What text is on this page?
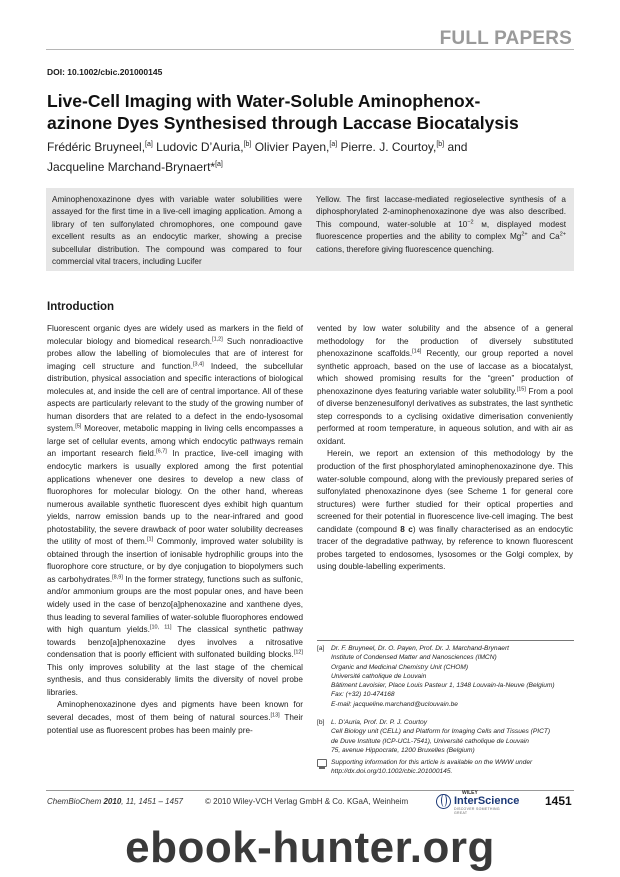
FULL PAPERS
DOI: 10.1002/cbic.201000145
Live-Cell Imaging with Water-Soluble Aminophenox-
azinone Dyes Synthesised through Laccase Biocatalysis
Frédéric Bruyneel,[a] Ludovic D’Auria,[b] Olivier Payen,[a] Pierre. J. Courtoy,[b] and
Jacqueline Marchand-Brynaert*[a]
Aminophenoxazinone dyes with variable water solubilities were assayed for the first time in a live-cell imaging application. Among a library of ten sulfonylated chromophores, one compound gave excellent results as an endocytic marker, showing a precise subcellular distribution. The compound was compared to four commercial vital tracers, including Lucifer
Yellow. The first laccase-mediated regioselective synthesis of a diphosphorylated 2-aminophenoxazinone dye was also described. This compound, water-soluble at $10^{-2}$ м, displayed modest fluorescence properties and the ability to complex $Mg^{2+}$ and $Ca^{2+}$ cations, therefore giving fluorescence quenching.
Introduction

Fluorescent organic dyes are widely used as markers in the field of molecular biology and biomedical research.[1,2] Such nonradioactive probes allow the labelling of biomolecules that are of interest for imaging cell structure and function.[3,4] Indeed, the subcellular distribution, physical association and specific interactions of biological molecules at, and inside the cell are of central importance. All of these aspects are particularly relevant to the study of the growing number of human disorders that are related to a defect in the endo-lysosomal system.[5] Moreover, metabolic mapping in living cells encompasses a large set of cellular events, among which endocytic pathways remain an important research field.[6,7] In practice, live-cell imaging with endocytic markers is usually explored among the first potential applications whenever one desires to develop a new class of fluorophores for molecular biology. On the other hand, whereas numerous available synthetic fluorescent dyes exhibit high quantum yields, narrow emission bands up to the near-infrared and good photostability, the severe drawback of poor water solubility decreases the utility of most of them.[1] Commonly, improved water solubility is obtained through the insertion of ionisable hydrophilic groups into the fluorophore core structure, or by dye conjugation to biopolymers such as carbohydrates.[8,9] In the former strategy, functions such as sulfonic, and/or ammonium groups are the most popular ones, and have been widely used in the case of benzo[a]phenoxazine and xanthene dyes, thus leading to several families of water-soluble fluorophores endowed with high quantum yields.[10, 11] The classical synthetic pathway towards benzo[a]phenoxazine dyes involves a nitrosative condensation that is poorly efficient with sulfonated building blocks.[12] This only improves solubility at the last stage of the chemical synthesis, and thus considerably limits the diversity of novel probe libraries.

Aminophenoxazinone dyes and pigments have been known for several decades, most of them being of natural sources.[13] Their potential use as fluorescent probes has been mainly pre-

vented by low water solubility and the absence of a general methodology for the production of diversely substituted phenoxazinone scaffolds.[14] Recently, our group reported a novel synthetic approach, based on the use of laccase as a biocatalyst, which showed promising results for the “green” production of phenoxazinone dyes featuring variable water solubility.[15] From a pool of diverse benzenesulfonyl derivatives as substrates, the last synthetic step corresponds to a cyclising oxidative dimerisation conveniently performed at room temperature, in aqueous solution, and with air as oxidant.

Herein, we report an extension of this methodology by the production of the first phosphorylated aminophenoxazinone dye. This water-soluble compound, along with the previously prepared series of sulfonylated phenoxazinone dyes (see Scheme 1 for general core structures) were further studied for their optical properties and screened for their potential in fluorescence live-cell imaging. The best candidate (compound 8 c) was finally characterised as an endocytic tracer of the degradative pathway, by reference to known fluorescent probes targeted to endosomes, lysosomes or the Golgi complex, by using double-labelling experiments.

[a] Dr. F. Bruyneel, Dr. O. Payen, Prof. Dr. J. Marchand-Brynaert
Institute of Condensed Matter and Nanosciences (IMCN)
Organic and Medicinal Chemistry Unit (CHOM)
Université catholique de Louvain
Bâtiment Lavoisier, Place Louis Pasteur 1, 1348 Louvain-la-Neuve (Belgium)
Fax: (+32) 10-474168
E-mail: jacqueline.marchand@uclouvain.be
[b] L. D’Auria, Prof. Dr. P. J. Courtoy
Cell Biology unit (CELL) and Platform for Imaging Cells and Tissues (PICT)
de Duve Institute (ICP-UCL-7541), Université catholique de Louvain
75, avenue Hippocrate, 1200 Bruxelles (Belgium)
Supporting information for this article is available on the WWW under
http://dx.doi.org/10.1002/cbic.201000145.
ChemBioChem 2010, 11, 1451 – 1457	© 2010 Wiley-VCH Verlag GmbH & Co. KGaA, Weinheim
WILEY
InterScience
DISCOVER SOMETHING GREAT
1451
ebook-hunter.org
